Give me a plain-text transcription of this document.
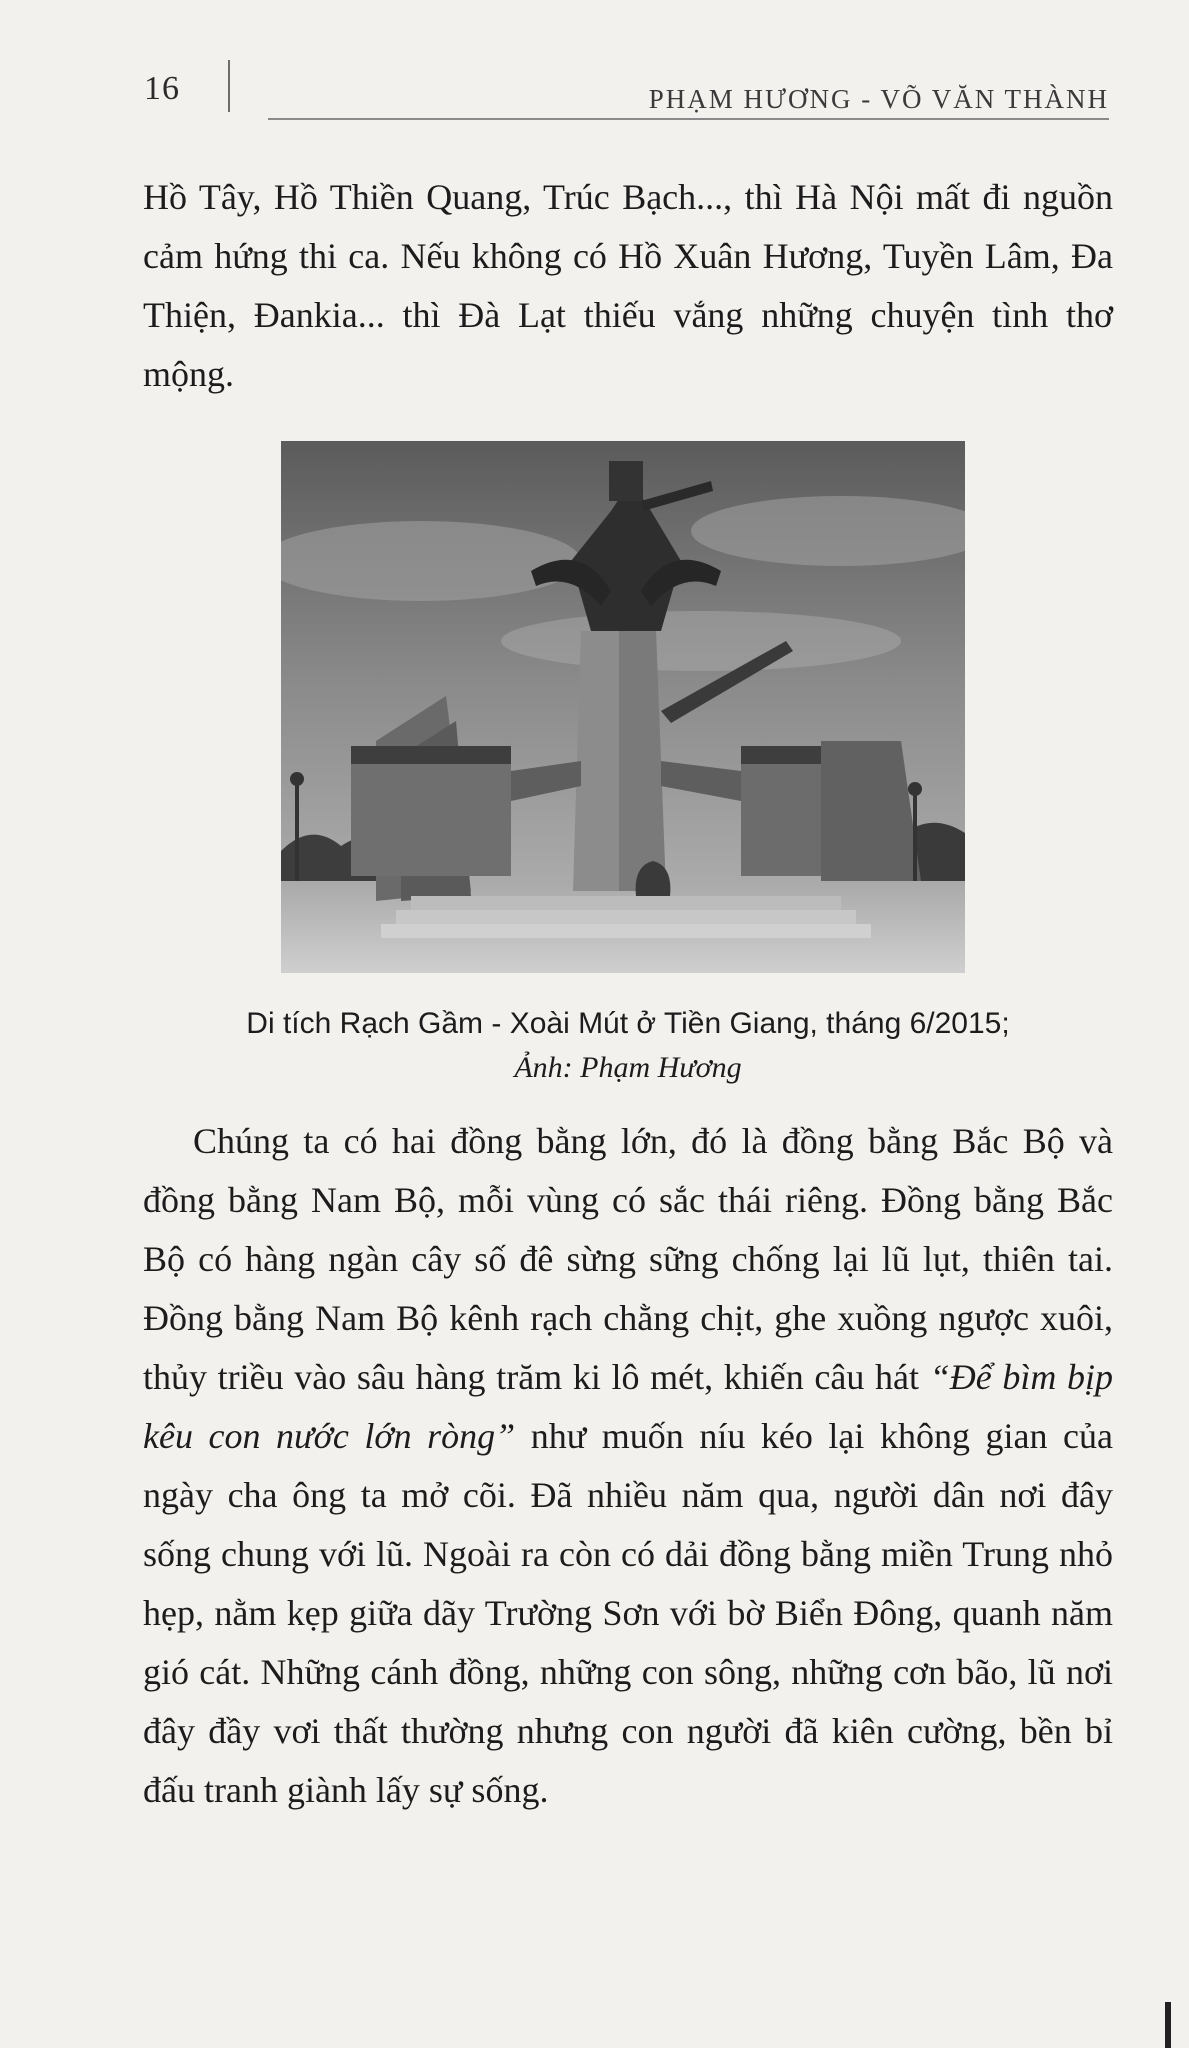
16	PHẠM HƯƠNG - VÕ VĂN THÀNH

Hồ Tây, Hồ Thiền Quang, Trúc Bạch..., thì Hà Nội mất đi nguồn cảm hứng thi ca. Nếu không có Hồ Xuân Hương, Tuyền Lâm, Đa Thiện, Đankia... thì Đà Lạt thiếu vắng những chuyện tình thơ mộng.

Di tích Rạch Gầm - Xoài Mút ở Tiền Giang, tháng 6/2015;

Ảnh: Phạm Hương

Chúng ta có hai đồng bằng lớn, đó là đồng bằng Bắc Bộ và đồng bằng Nam Bộ, mỗi vùng có sắc thái riêng. Đồng bằng Bắc Bộ có hàng ngàn cây số đê sừng sững chống lại lũ lụt, thiên tai. Đồng bằng Nam Bộ kênh rạch chằng chịt, ghe xuồng ngược xuôi, thủy triều vào sâu hàng trăm ki lô mét, khiến câu hát “Để bìm bịp kêu con nước lớn ròng” như muốn níu kéo lại không gian của ngày cha ông ta mở cõi. Đã nhiều năm qua, người dân nơi đây sống chung với lũ. Ngoài ra còn có dải đồng bằng miền Trung nhỏ hẹp, nằm kẹp giữa dãy Trường Sơn với bờ Biển Đông, quanh năm gió cát. Những cánh đồng, những con sông, những cơn bão, lũ nơi đây đầy vơi thất thường nhưng con người đã kiên cường, bền bỉ đấu tranh giành lấy sự sống.
